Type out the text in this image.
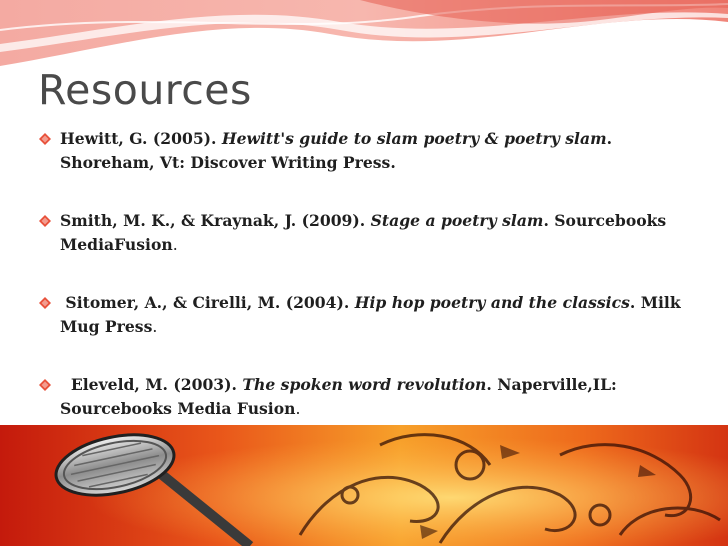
Resources
Hewitt, G. (2005). Hewitt's guide to slam poetry & poetry slam. Shoreham, Vt: Discover Writing Press.
Smith, M. K., & Kraynak, J. (2009). Stage a poetry slam. Sourcebooks MediaFusion.
Sitomer, A., & Cirelli, M. (2004). Hip hop poetry and the classics. Milk Mug Press.
Eleveld, M. (2003). The spoken word revolution. Naperville,IL: Sourcebooks Media Fusion.
